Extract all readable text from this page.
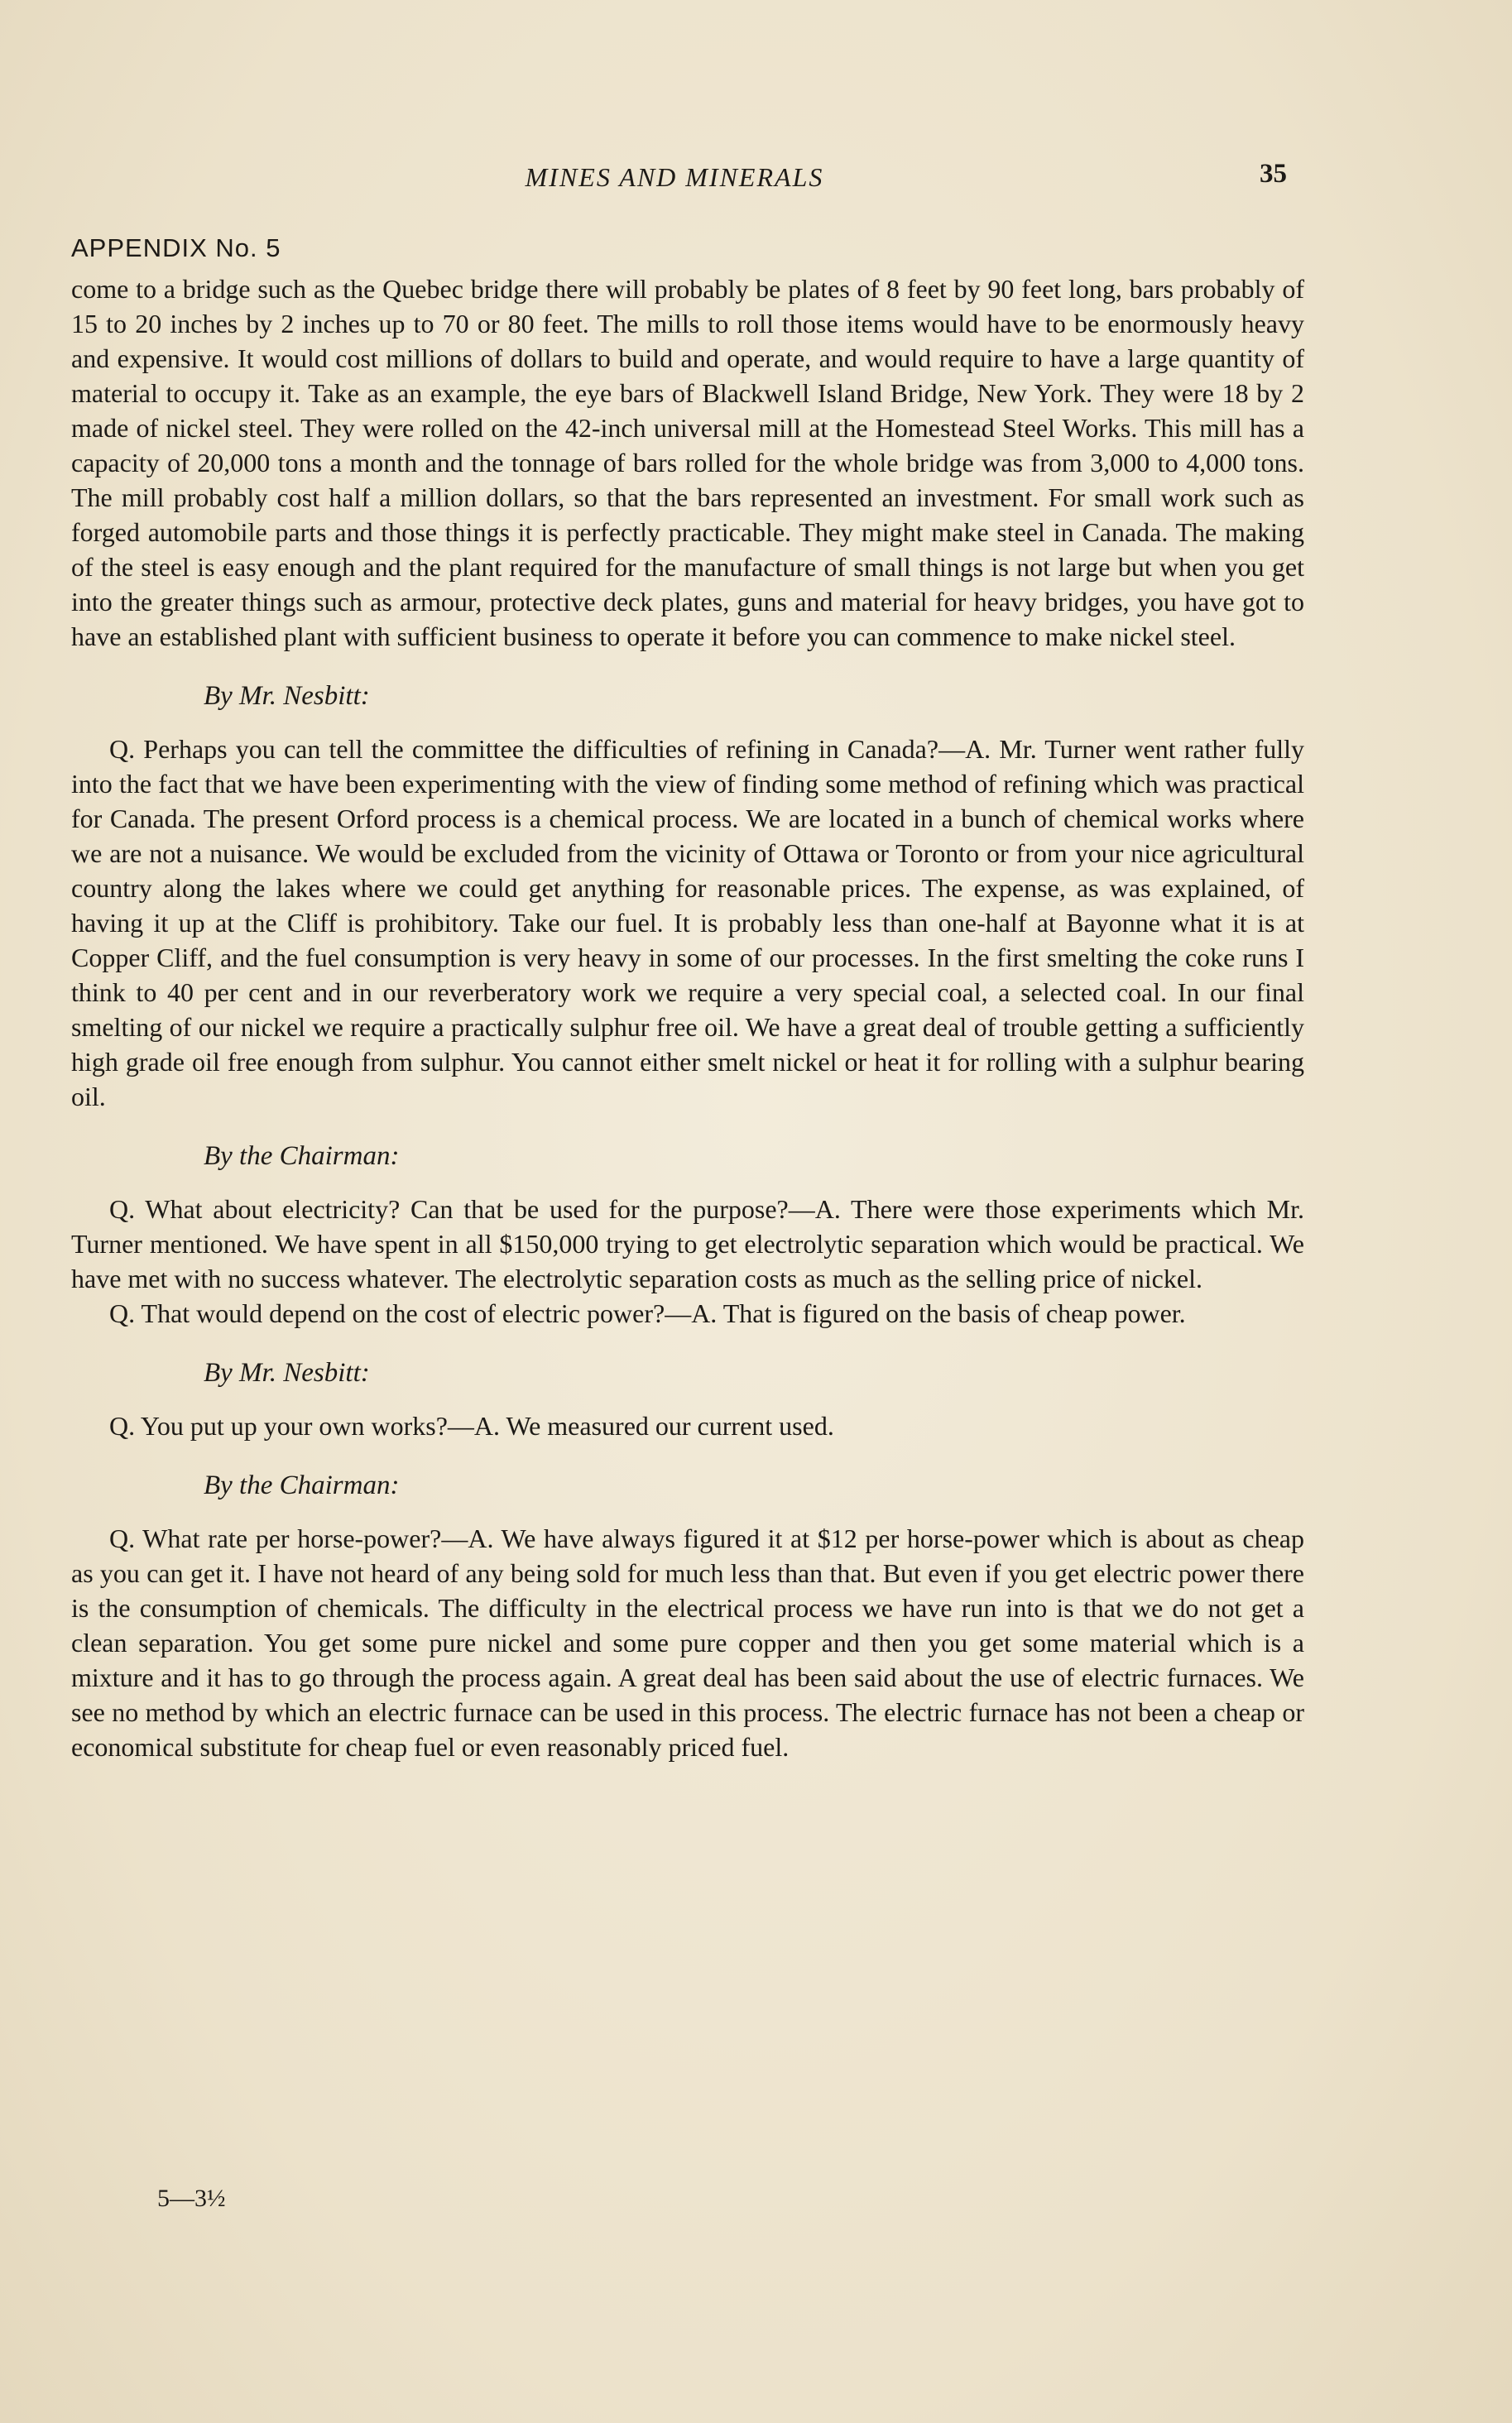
MINES AND MINERALS	35
APPENDIX No. 5

come to a bridge such as the Quebec bridge there will probably be plates of 8 feet by 90 feet long, bars probably of 15 to 20 inches by 2 inches up to 70 or 80 feet. The mills to roll those items would have to be enormously heavy and expensive. It would cost millions of dollars to build and operate, and would require to have a large quantity of material to occupy it. Take as an example, the eye bars of Blackwell Island Bridge, New York. They were 18 by 2 made of nickel steel. They were rolled on the 42-inch universal mill at the Homestead Steel Works. This mill has a capacity of 20,000 tons a month and the tonnage of bars rolled for the whole bridge was from 3,000 to 4,000 tons. The mill probably cost half a million dollars, so that the bars represented an investment. For small work such as forged automobile parts and those things it is perfectly practicable. They might make steel in Canada. The making of the steel is easy enough and the plant required for the manufacture of small things is not large but when you get into the greater things such as armour, protective deck plates, guns and material for heavy bridges, you have got to have an established plant with sufficient business to operate it before you can commence to make nickel steel.

By Mr. Nesbitt:

Q. Perhaps you can tell the committee the difficulties of refining in Canada?—A. Mr. Turner went rather fully into the fact that we have been experimenting with the view of finding some method of refining which was practical for Canada. The present Orford process is a chemical process. We are located in a bunch of chemical works where we are not a nuisance. We would be excluded from the vicinity of Ottawa or Toronto or from your nice agricultural country along the lakes where we could get anything for reasonable prices. The expense, as was explained, of having it up at the Cliff is prohibitory. Take our fuel. It is probably less than one-half at Bayonne what it is at Copper Cliff, and the fuel consumption is very heavy in some of our processes. In the first smelting the coke runs I think to 40 per cent and in our reverberatory work we require a very special coal, a selected coal. In our final smelting of our nickel we require a practically sulphur free oil. We have a great deal of trouble getting a sufficiently high grade oil free enough from sulphur. You cannot either smelt nickel or heat it for rolling with a sulphur bearing oil.

By the Chairman:

Q. What about electricity? Can that be used for the purpose?—A. There were those experiments which Mr. Turner mentioned. We have spent in all $150,000 trying to get electrolytic separation which would be practical. We have met with no success whatever. The electrolytic separation costs as much as the selling price of nickel.

Q. That would depend on the cost of electric power?—A. That is figured on the basis of cheap power.

By Mr. Nesbitt:

Q. You put up your own works?—A. We measured our current used.

By the Chairman:

Q. What rate per horse-power?—A. We have always figured it at $12 per horse-power which is about as cheap as you can get it. I have not heard of any being sold for much less than that. But even if you get electric power there is the consumption of chemicals. The difficulty in the electrical process we have run into is that we do not get a clean separation. You get some pure nickel and some pure copper and then you get some material which is a mixture and it has to go through the process again. A great deal has been said about the use of electric furnaces. We see no method by which an electric furnace can be used in this process. The electric furnace has not been a cheap or economical substitute for cheap fuel or even reasonably priced fuel.

5—3½
